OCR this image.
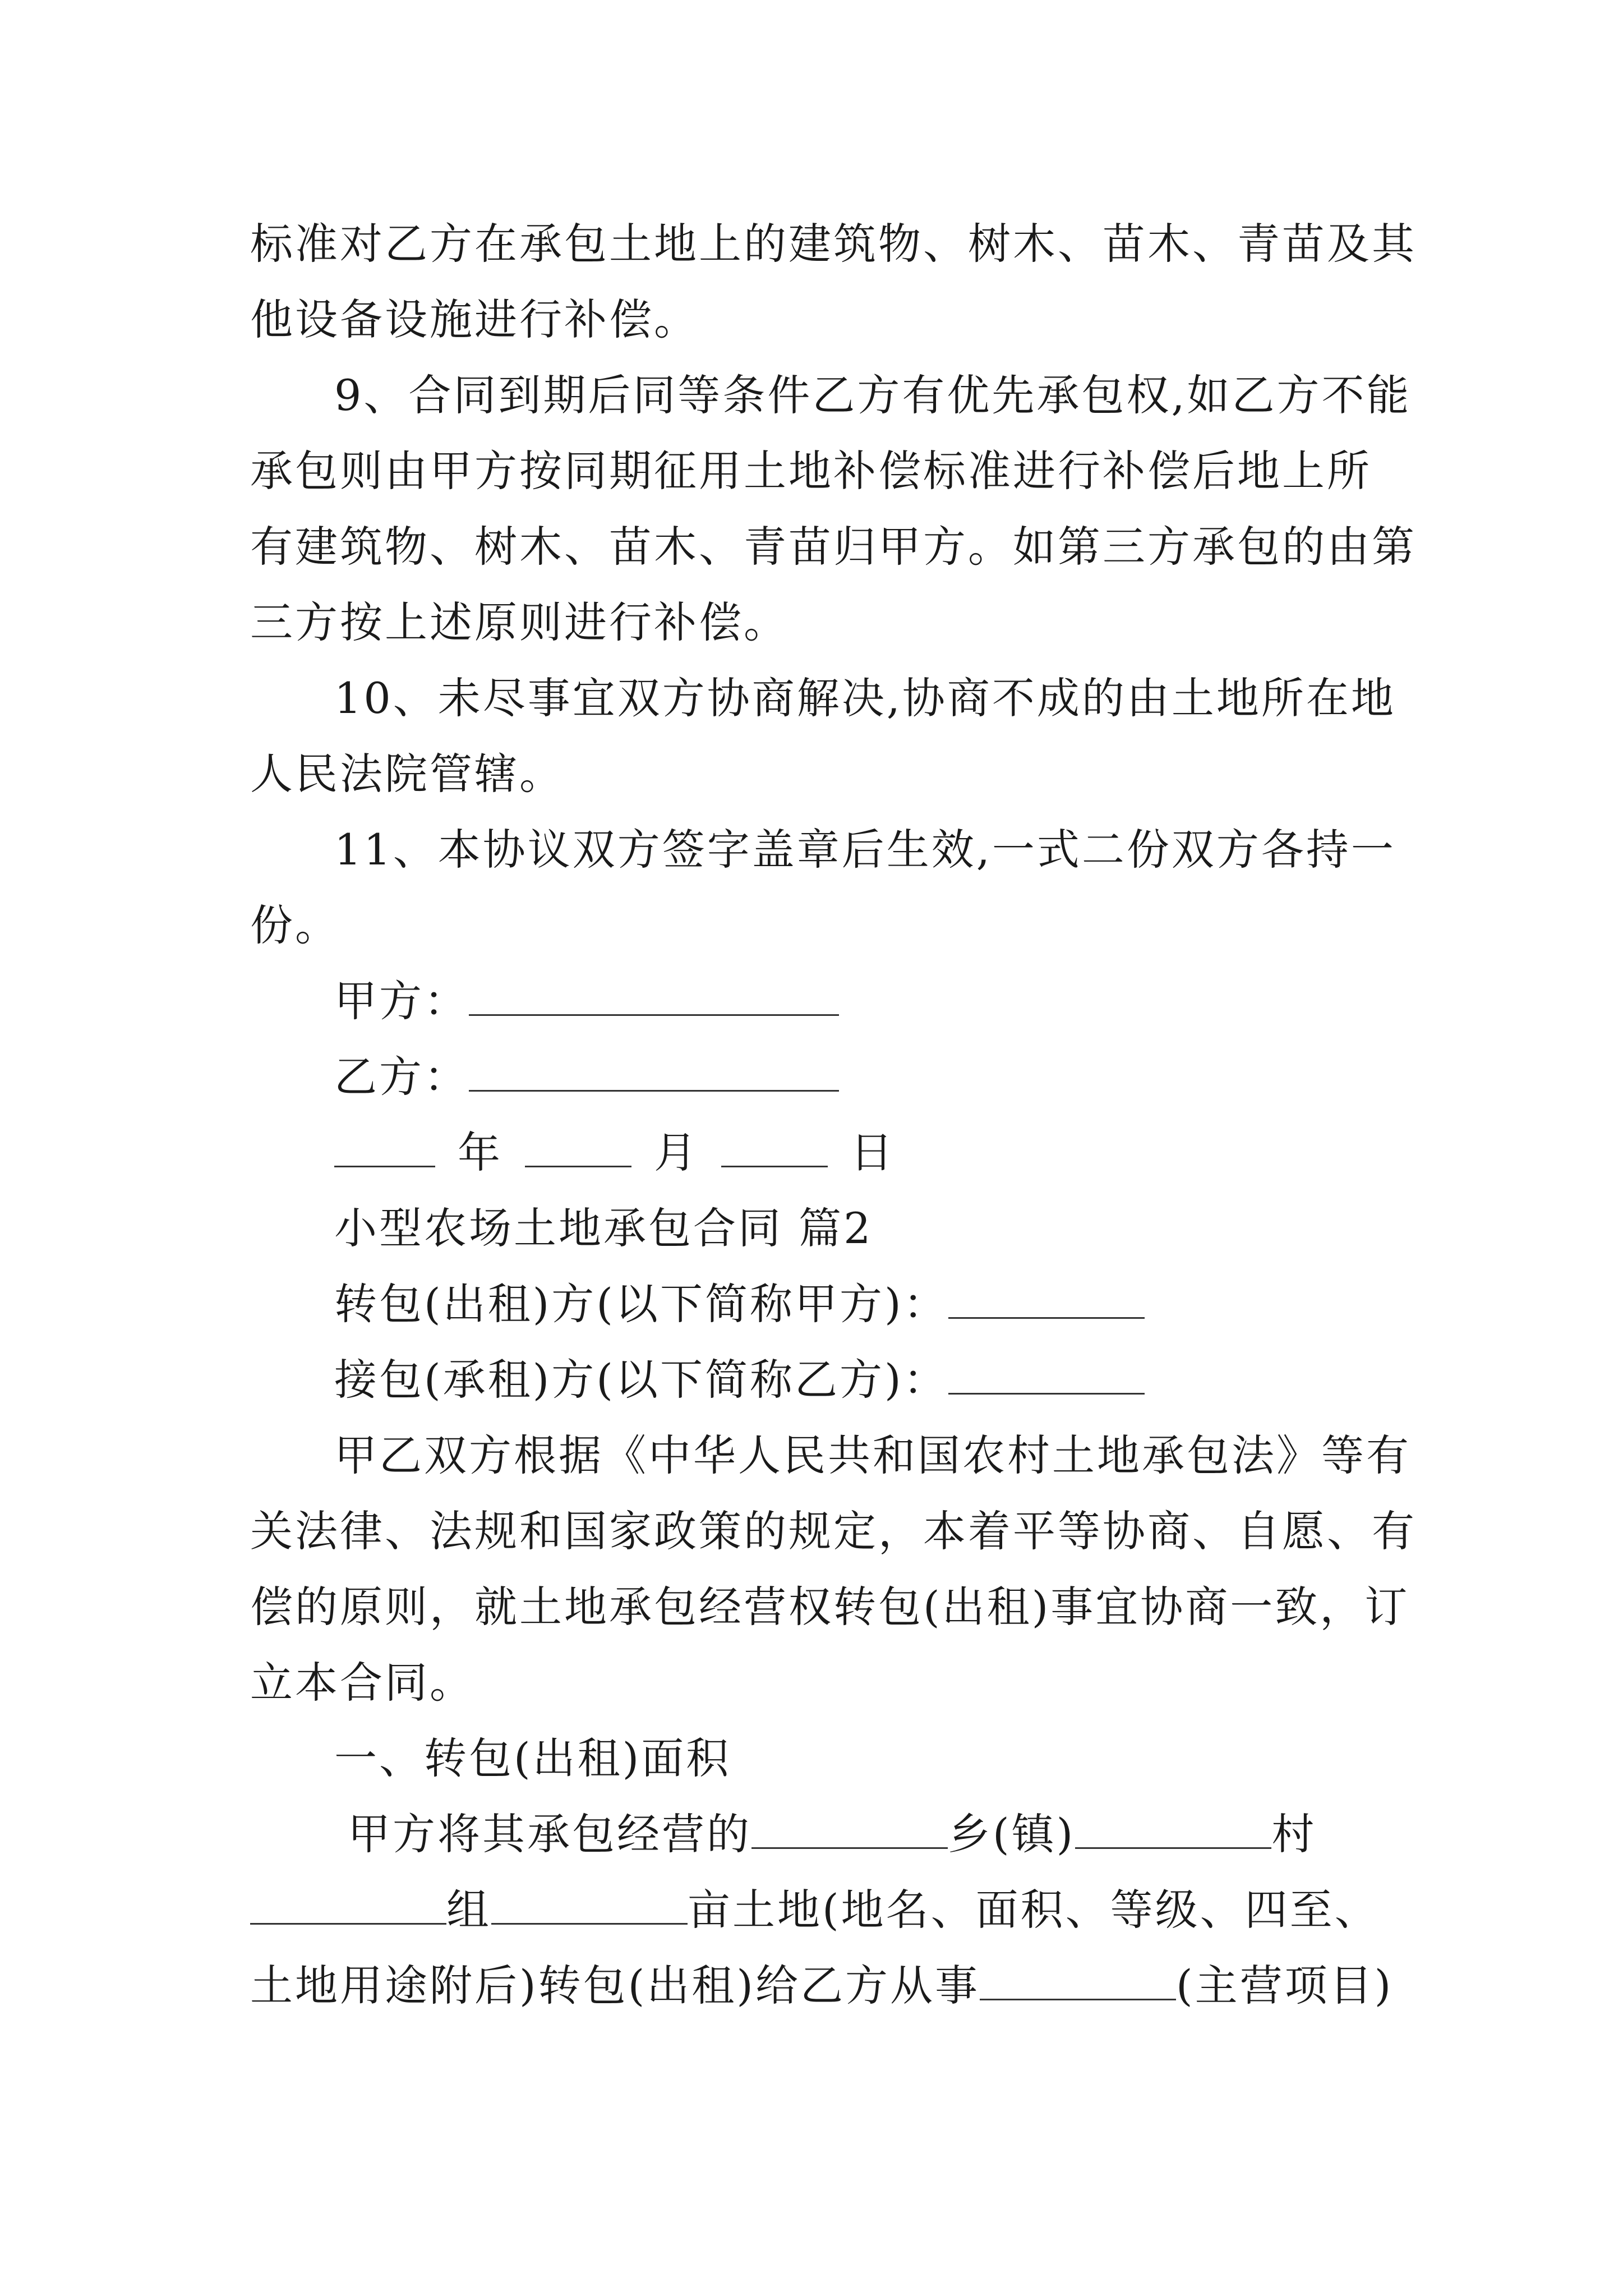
标准对乙方在承包土地上的建筑物、树木、苗木、青苗及其
他设备设施进行补偿。
9、合同到期后同等条件乙方有优先承包权,如乙方不能
承包则由甲方按同期征用土地补偿标准进行补偿后地上所
有建筑物、树木、苗木、青苗归甲方。如第三方承包的由第
三方按上述原则进行补偿。
10、未尽事宜双方协商解决,协商不成的由土地所在地
人民法院管辖。
11、本协议双方签字盖章后生效,一式二份双方各持一
份。
甲方：
乙方：
年	月	日
小型农场土地承包合同 篇2
转包(出租)方(以下简称甲方)：
接包(承租)方(以下简称乙方)：
甲乙双方根据《中华人民共和国农村土地承包法》等有
关法律、法规和国家政策的规定，本着平等协商、自愿、有
偿的原则，就土地承包经营权转包(出租)事宜协商一致，订
立本合同。
一、转包(出租)面积
甲方将其承包经营的	乡(镇)	村
组	亩土地(地名、面积、等级、四至、
土地用途附后)转包(出租)给乙方从事	(主营项目)
